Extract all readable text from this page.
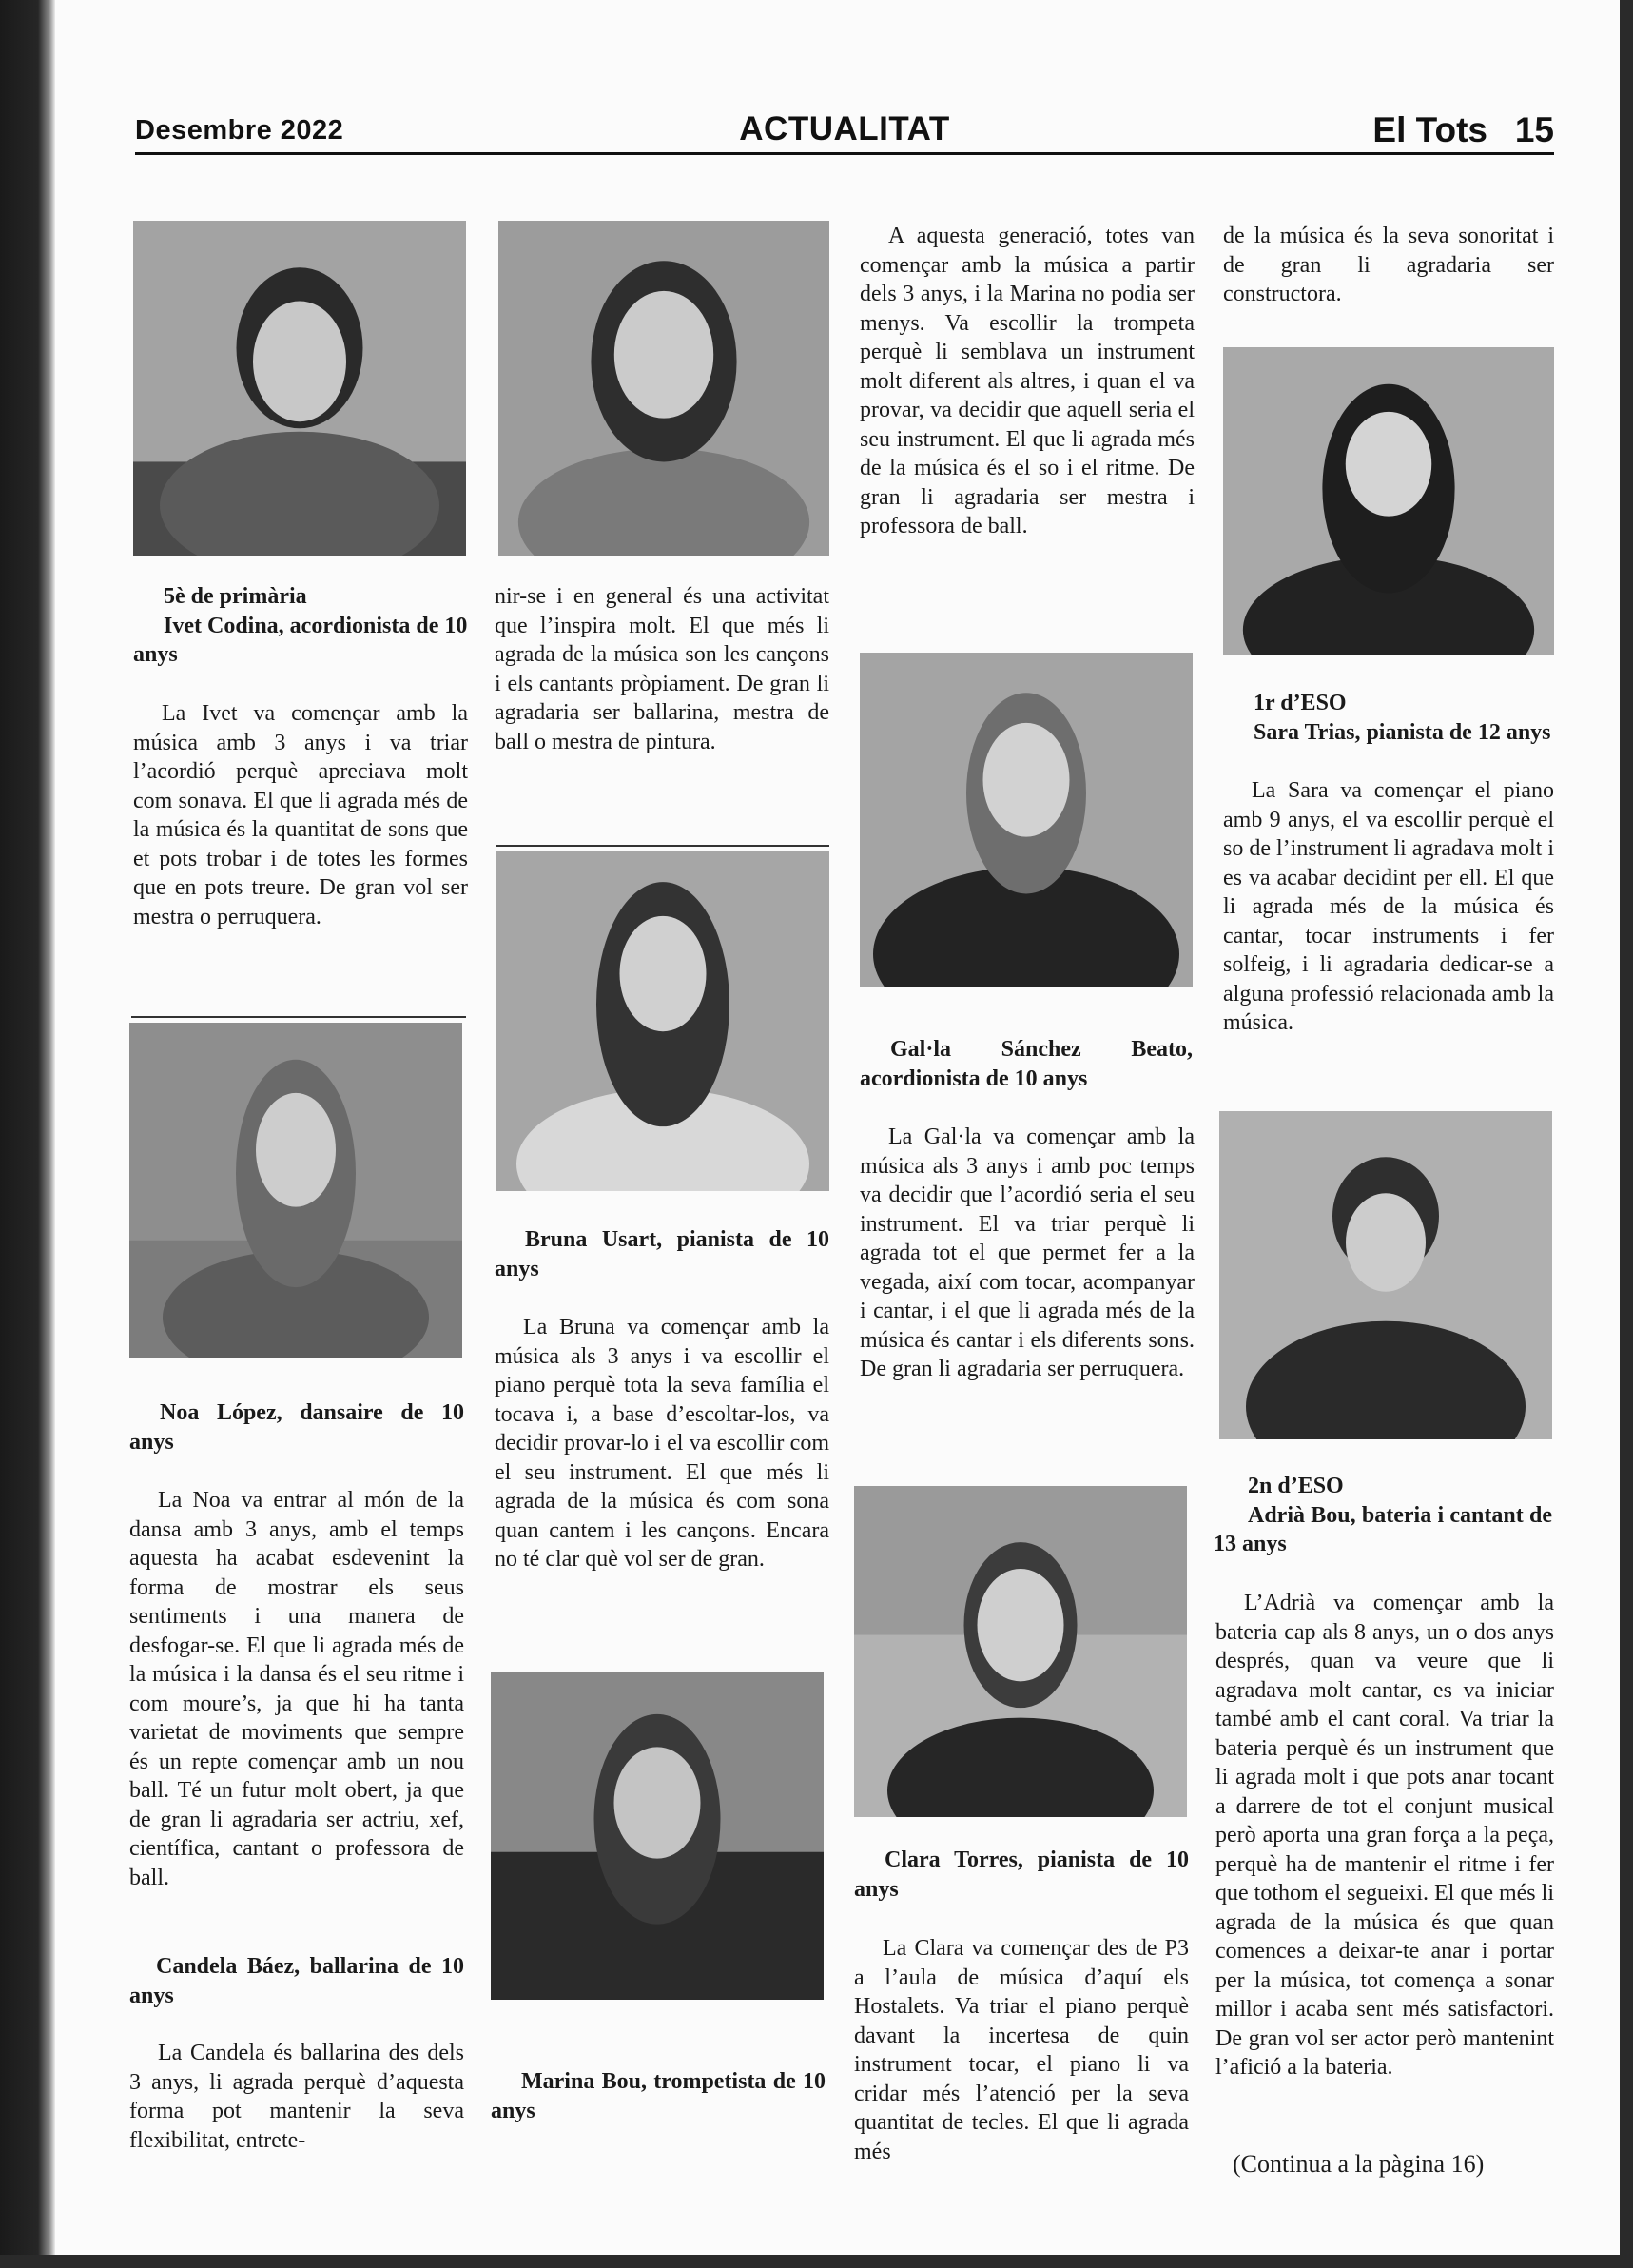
Desembre 2022	ACTUALITAT	El Tots 15
5è de primària
Ivet Codina, acordionista de 10 anys

La Ivet va començar amb la música amb 3 anys i va triar l’acordió perquè apreciava molt com sonava. El que li agrada més de la música és la quantitat de sons que et pots trobar i de totes les formes que en pots treure. De gran vol ser mestra o perruquera.

Noa López, dansaire de 10 anys

La Noa va entrar al món de la dansa amb 3 anys, amb el temps aquesta ha acabat esdevenint la forma de mostrar els seus sentiments i una manera de desfogar-se. El que li agrada més de la música i la dansa és el seu ritme i com moure’s, ja que hi ha tanta varietat de moviments que sempre és un repte començar amb un nou ball. Té un futur molt obert, ja que de gran li agradaria ser actriu, xef, científica, cantant o professora de ball.

Candela Báez, ballarina de 10 anys

La Candela és ballarina des dels 3 anys, li agrada perquè d’aquesta forma pot mantenir la seva flexibilitat, entrete-

nir-se i en general és una activitat que l’inspira molt. El que més li agrada de la música son les cançons i els cantants pròpiament. De gran li agradaria ser ballarina, mestra de ball o mestra de pintura.

Bruna Usart, pianista de 10 anys

La Bruna va començar amb la música als 3 anys i va escollir el piano perquè tota la seva família el tocava i, a base d’escoltar-los, va decidir provar-lo i el va escollir com el seu instrument. El que més li agrada de la música és com sona quan cantem i les cançons. Encara no té clar què vol ser de gran.

Marina Bou, trompetista de 10 anys

A aquesta generació, totes van començar amb la música a partir dels 3 anys, i la Marina no podia ser menys. Va escollir la trompeta perquè li semblava un instrument molt diferent als altres, i quan el va provar, va decidir que aquell seria el seu instrument. El que li agrada més de la música és el so i el ritme. De gran li agradaria ser mestra i professora de ball.

Gal·la Sánchez Beato, acordionista de 10 anys

La Gal·la va començar amb la música als 3 anys i amb poc temps va decidir que l’acordió seria el seu instrument. El va triar perquè li agrada tot el que permet fer a la vegada, així com tocar, acompanyar i cantar, i el que li agrada més de la música és cantar i els diferents sons. De gran li agradaria ser perruquera.

Clara Torres, pianista de 10 anys

La Clara va començar des de P3 a l’aula de música d’aquí els Hostalets. Va triar el piano perquè davant la incertesa de quin instrument tocar, el piano li va cridar més l’atenció per la seva quantitat de tecles. El que li agrada més

de la música és la seva sonoritat i de gran li agradaria ser constructora.

1r d’ESO
Sara Trias, pianista de 12 anys

La Sara va començar el piano amb 9 anys, el va escollir perquè el so de l’instrument li agradava molt i es va acabar decidint per ell. El que li agrada més de la música és cantar, tocar instruments i fer solfeig, i li agradaria dedicar-se a alguna professió relacionada amb la música.

2n d’ESO
Adrià Bou, bateria i cantant de 13 anys

L’Adrià va començar amb la bateria cap als 8 anys, un o dos anys després, quan va veure que li agradava molt cantar, es va iniciar també amb el cant coral. Va triar la bateria perquè és un instrument que li agrada molt i que pots anar tocant a darrere de tot el conjunt musical però aporta una gran força a la peça, perquè ha de mantenir el ritme i fer que tothom el segueixi. El que més li agrada de la música és que quan comences a deixar-te anar i portar per la música, tot comença a sonar millor i acaba sent més satisfactori. De gran vol ser actor però mantenint l’afició a la bateria.

(Continua a la pàgina 16)
